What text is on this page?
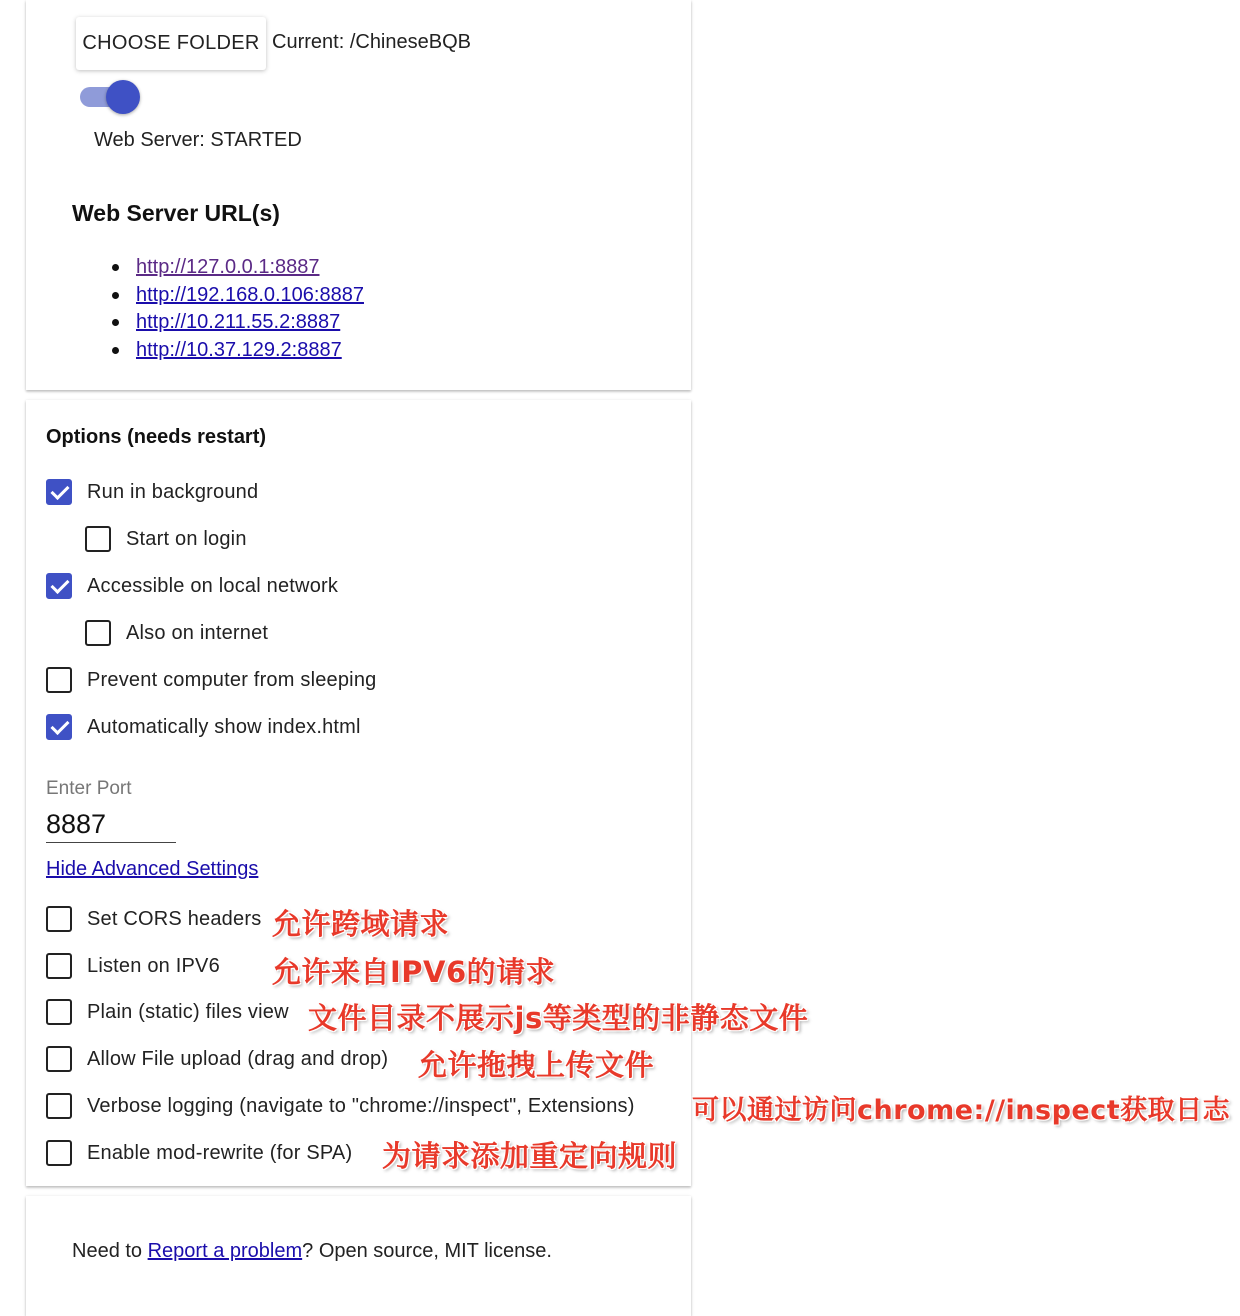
CHOOSE FOLDER Current: /ChineseBQB
Web Server: STARTED
Web Server URL(s)
http://127.0.0.1:8887
http://192.168.0.106:8887
http://10.211.55.2:8887
http://10.37.129.2:8887
Options (needs restart)
Run in background
Start on login
Accessible on local network
Also on internet
Prevent computer from sleeping
Automatically show index.html
Enter Port
8887
Hide Advanced Settings
Set CORS headers 允许跨域请求
Listen on IPV6 允许来自IPV6的请求
Plain (static) files view 文件目录不展示js等类型的非静态文件
Allow File upload (drag and drop) 允许拖拽上传文件
Verbose logging (navigate to "chrome://inspect", Extensions) 可以通过访问chrome://inspect获取日志
Enable mod-rewrite (for SPA) 为请求添加重定向规则
Need to Report a problem? Open source, MIT license.
